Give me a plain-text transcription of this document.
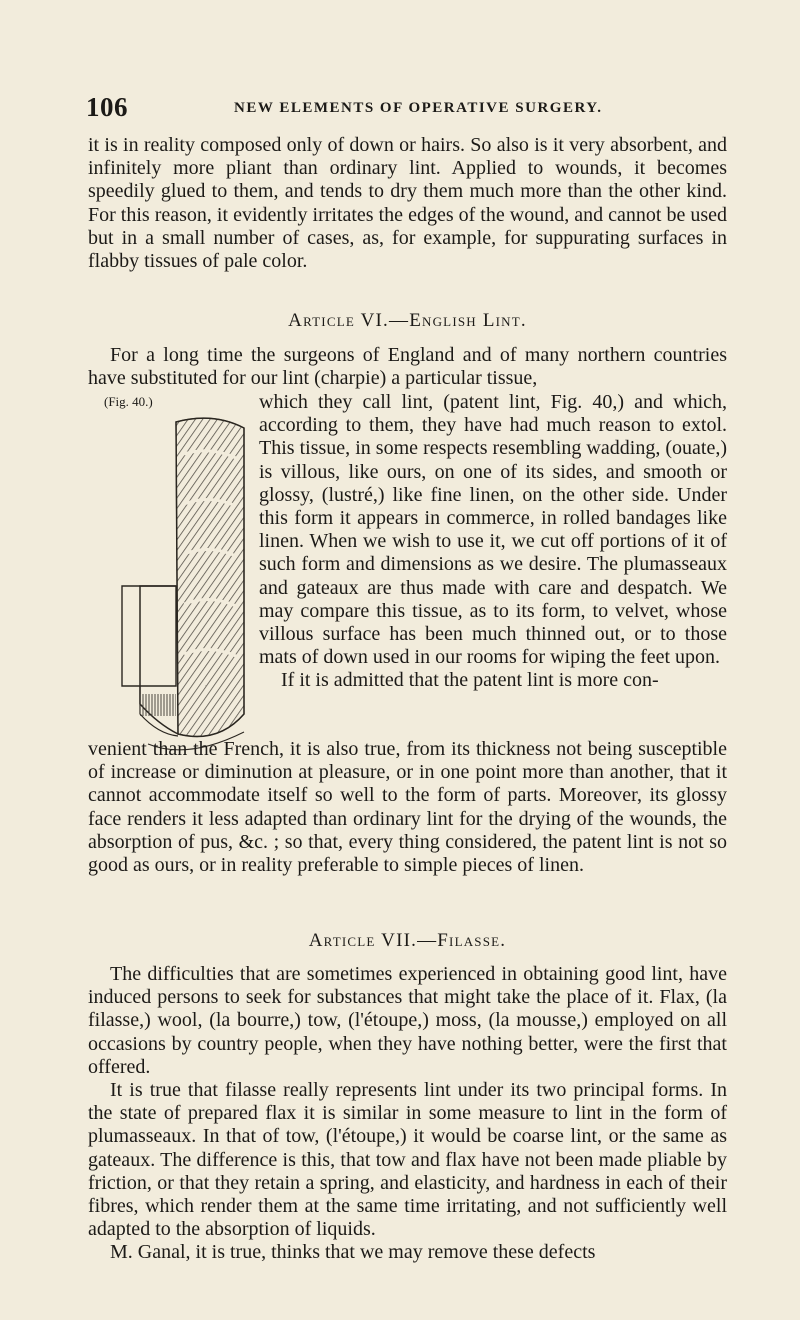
106	NEW ELEMENTS OF OPERATIVE SURGERY.

it is in reality composed only of down or hairs. So also is it very absorbent, and infinitely more pliant than ordinary lint. Applied to wounds, it becomes speedily glued to them, and tends to dry them much more than the other kind. For this reason, it evidently irritates the edges of the wound, and cannot be used but in a small number of cases, as, for example, for suppurating surfaces in flabby tissues of pale color.

Article VI.—English Lint.

For a long time the surgeons of England and of many northern countries have substituted for our lint (charpie) a particular tissue,

(Fig. 40.)	which they call lint, (patent lint, Fig. 40,) and which, according to them, they have had much reason to extol. This tissue, in some respects resembling wadding, (ouate,) is villous, like ours, on one of its sides, and smooth or glossy, (lustré,) like fine linen, on the other side. Under this form it appears in commerce, in rolled bandages like linen. When we wish to use it, we cut off portions of it of such form and dimensions as we desire. The plumasseaux and gateaux are thus made with care and despatch. We may compare this tissue, as to its form, to velvet, whose villous surface has been much thinned out, or to those mats of down used in our rooms for wiping the feet upon.

If it is admitted that the patent lint is more con-

venient than the French, it is also true, from its thickness not being susceptible of increase or diminution at pleasure, or in one point more than another, that it cannot accommodate itself so well to the form of parts. Moreover, its glossy face renders it less adapted than ordinary lint for the drying of the wounds, the absorption of pus, &c. ; so that, every thing considered, the patent lint is not so good as ours, or in reality preferable to simple pieces of linen.

Article VII.—Filasse.

The difficulties that are sometimes experienced in obtaining good lint, have induced persons to seek for substances that might take the place of it. Flax, (la filasse,) wool, (la bourre,) tow, (l'étoupe,) moss, (la mousse,) employed on all occasions by country people, when they have nothing better, were the first that offered.

It is true that filasse really represents lint under its two principal forms. In the state of prepared flax it is similar in some measure to lint in the form of plumasseaux. In that of tow, (l'étoupe,) it would be coarse lint, or the same as gateaux. The difference is this, that tow and flax have not been made pliable by friction, or that they retain a spring, and elasticity, and hardness in each of their fibres, which render them at the same time irritating, and not sufficiently well adapted to the absorption of liquids.

M. Ganal, it is true, thinks that we may remove these defects
